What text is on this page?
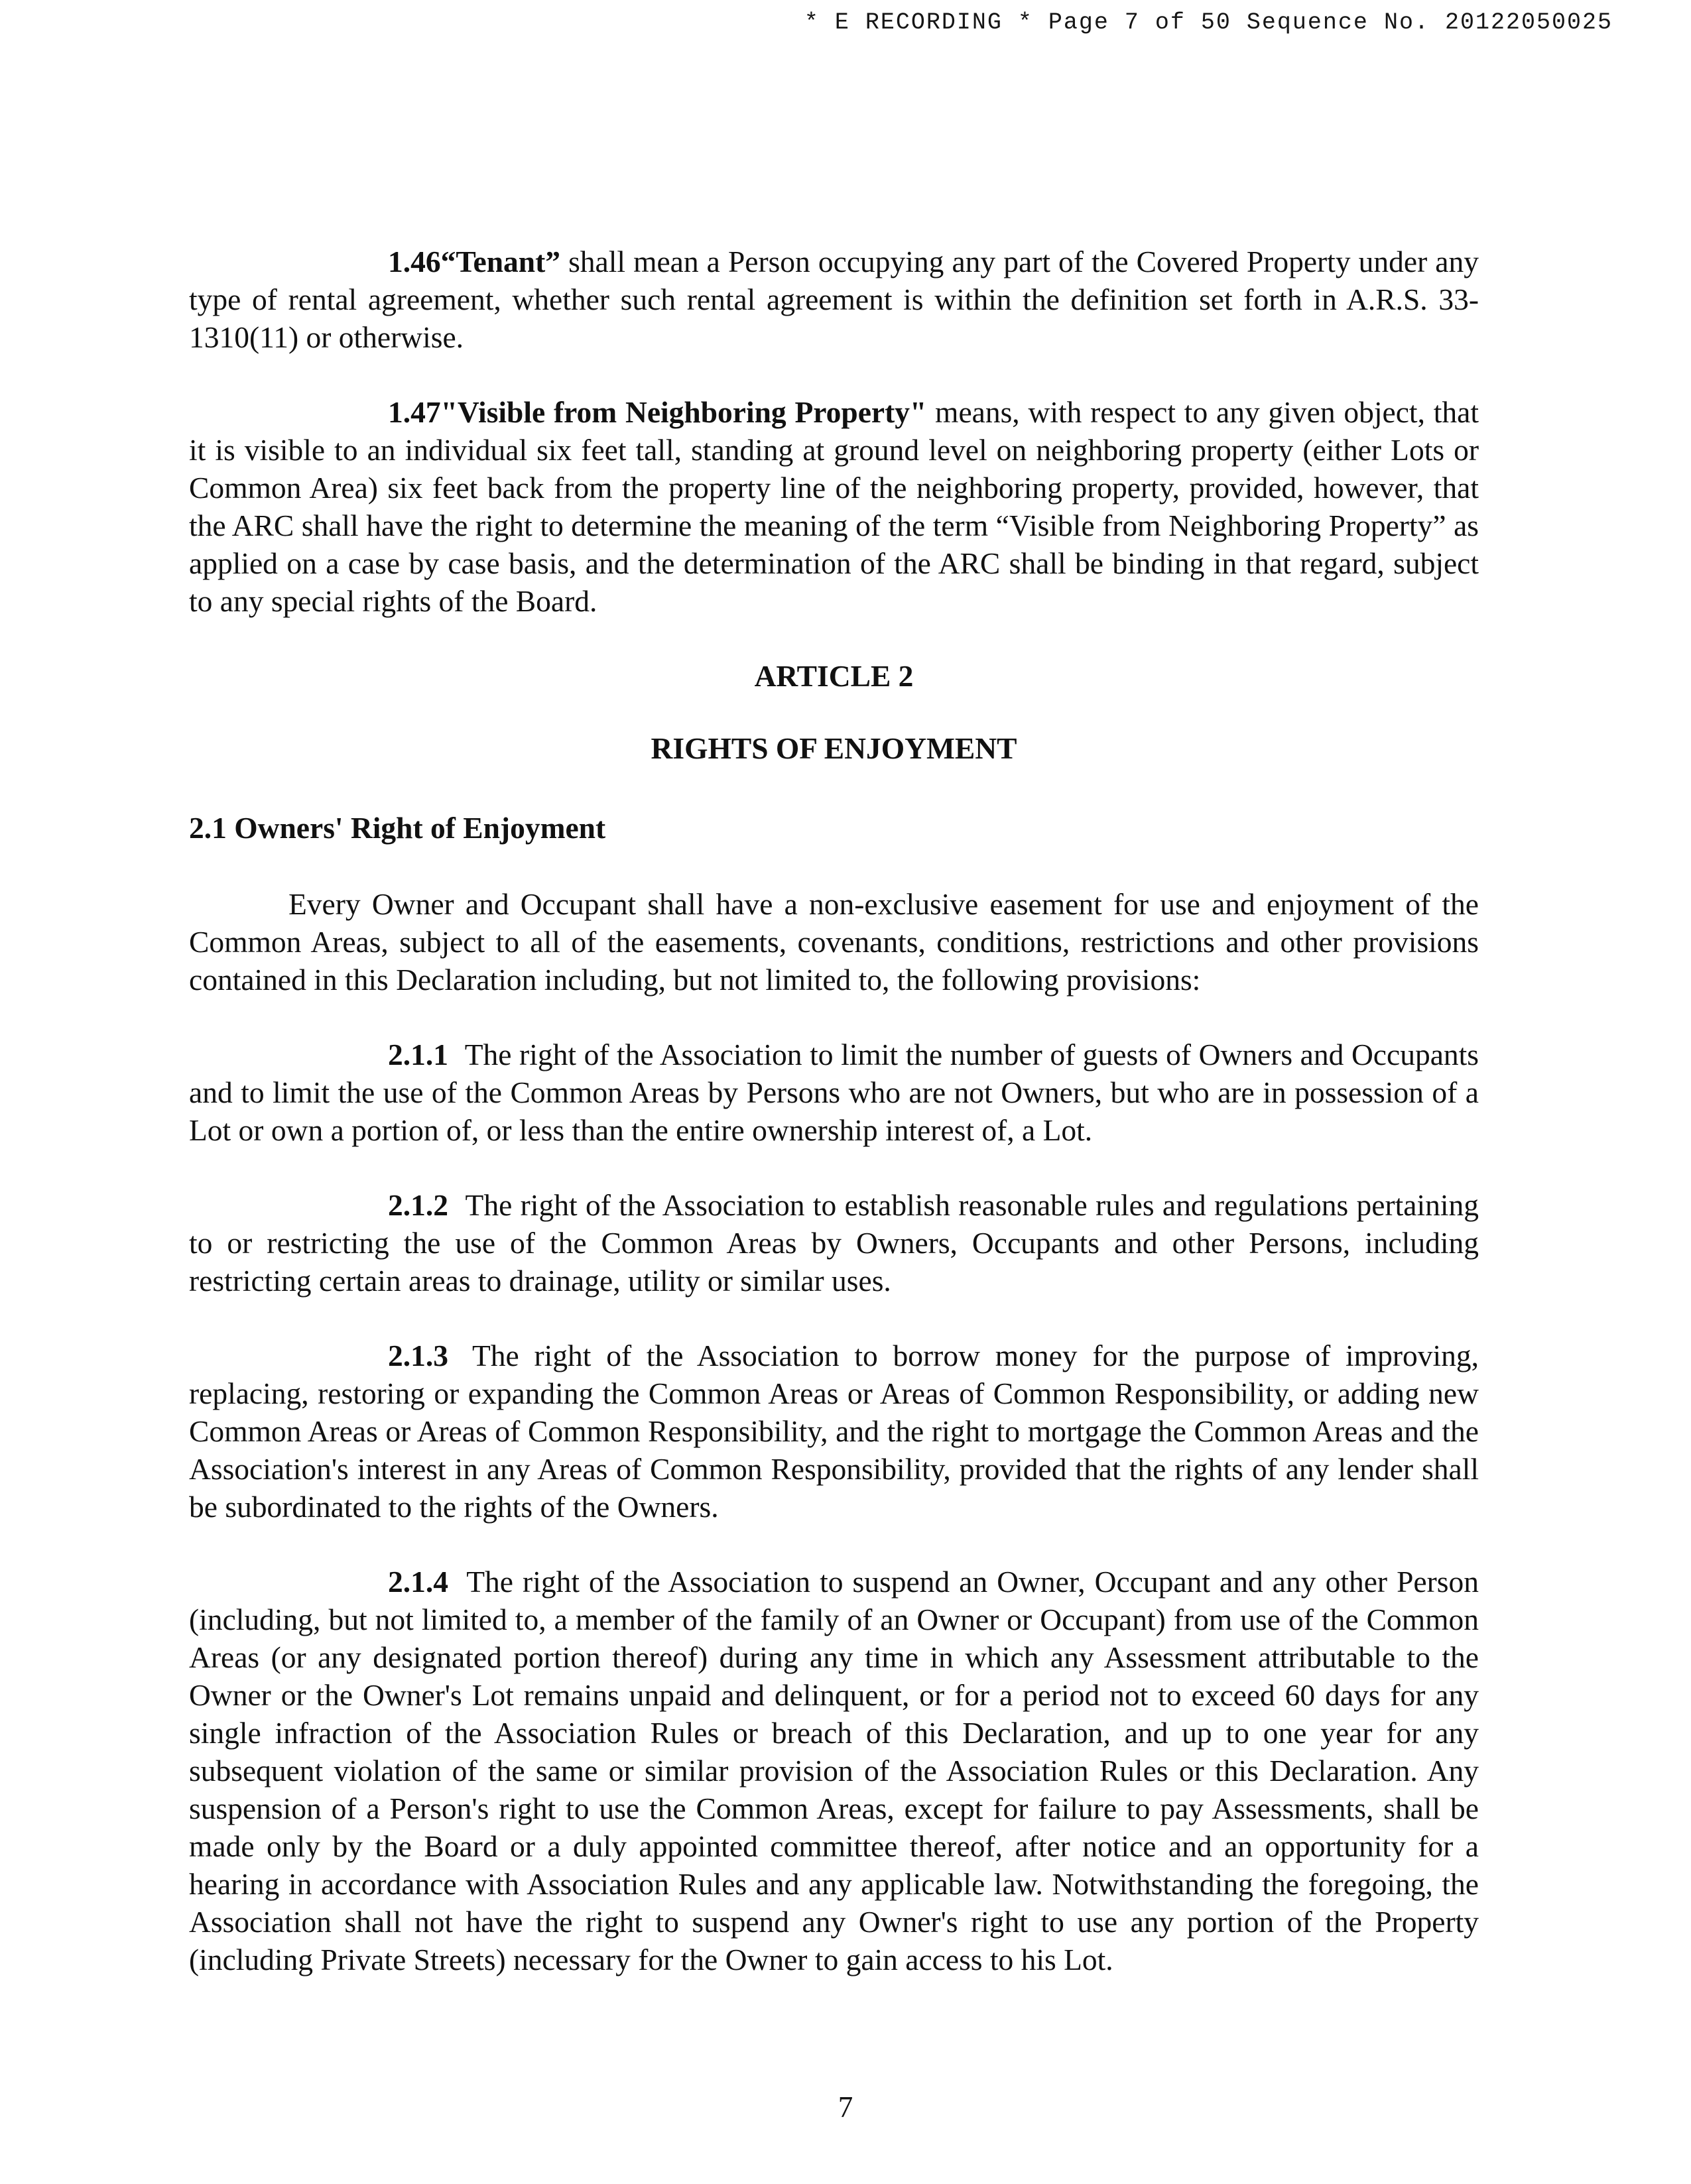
* E RECORDING * Page 7 of 50 Sequence No. 20122050025

1.46“Tenant” shall mean a Person occupying any part of the Covered Property under any type of rental agreement, whether such rental agreement is within the definition set forth in A.R.S. 33-1310(11) or otherwise.

1.47"Visible from Neighboring Property" means, with respect to any given object, that it is visible to an individual six feet tall, standing at ground level on neighboring property (either Lots or Common Area) six feet back from the property line of the neighboring property, provided, however, that the ARC shall have the right to determine the meaning of the term “Visible from Neighboring Property” as applied on a case by case basis, and the determination of the ARC shall be binding in that regard, subject to any special rights of the Board.

ARTICLE 2
RIGHTS OF ENJOYMENT
2.1 Owners' Right of Enjoyment

Every Owner and Occupant shall have a non-exclusive easement for use and enjoyment of the Common Areas, subject to all of the easements, covenants, conditions, restrictions and other provisions contained in this Declaration including, but not limited to, the following provisions:

2.1.1 The right of the Association to limit the number of guests of Owners and Occupants and to limit the use of the Common Areas by Persons who are not Owners, but who are in possession of a Lot or own a portion of, or less than the entire ownership interest of, a Lot.

2.1.2 The right of the Association to establish reasonable rules and regulations pertaining to or restricting the use of the Common Areas by Owners, Occupants and other Persons, including restricting certain areas to drainage, utility or similar uses.

2.1.3 The right of the Association to borrow money for the purpose of improving, replacing, restoring or expanding the Common Areas or Areas of Common Responsibility, or adding new Common Areas or Areas of Common Responsibility, and the right to mortgage the Common Areas and the Association's interest in any Areas of Common Responsibility, provided that the rights of any lender shall be subordinated to the rights of the Owners.

2.1.4 The right of the Association to suspend an Owner, Occupant and any other Person (including, but not limited to, a member of the family of an Owner or Occupant) from use of the Common Areas (or any designated portion thereof) during any time in which any Assessment attributable to the Owner or the Owner's Lot remains unpaid and delinquent, or for a period not to exceed 60 days for any single infraction of the Association Rules or breach of this Declaration, and up to one year for any subsequent violation of the same or similar provision of the Association Rules or this Declaration. Any suspension of a Person's right to use the Common Areas, except for failure to pay Assessments, shall be made only by the Board or a duly appointed committee thereof, after notice and an opportunity for a hearing in accordance with Association Rules and any applicable law. Notwithstanding the foregoing, the Association shall not have the right to suspend any Owner's right to use any portion of the Property (including Private Streets) necessary for the Owner to gain access to his Lot.

7
